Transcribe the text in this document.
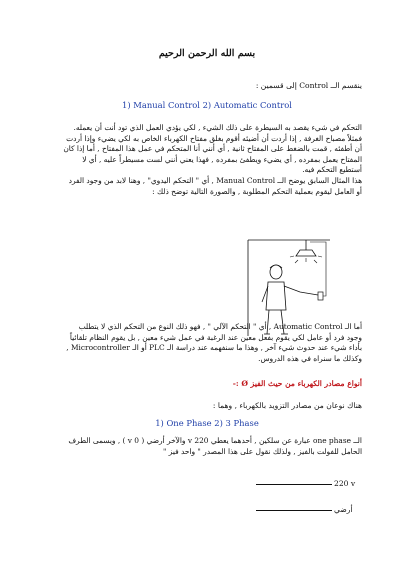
بسم الله الرحمن الرحيم
ينقسم الــ Control إلى قسمين :
1) Manual Control 2) Automatic Control
التحكم في شيء يقصد به السيطرة على ذلك الشيء , لكي يؤدي العمل الذي تود أنت أن يعمله. فمثلاً مصباح الغرفة , إذا أردت أن أضيئه أقوم بغلق مفتاح الكهرباء الخاص به لكي يضيء وإذا أردت أن أطفئه , قمت بالضغط على المفتاح ثانية , أي أنني أنا المتحكم في عمل هذا المفتاح , أما إذا كان المفتاح يعمل بمفرده , أي يضيء ويطفئ بمفرده , فهذا يعني أنني لست مسيطراً عليه , أي لا أستطيع التحكم فيه.
هذا المثال السابق يوضح الــ Manual Control , أي " التحكم اليدوي" , وهنا لابد من وجود الفرد أو العامل ليقوم بعملية التحكم المطلوبة , والصورة التالية توضح ذلك :
أما الـ Automatic Control , أي " التحكم الآلي " , فهو ذلك النوع من التحكم الذي لا يتطلب وجود فرد أو عامل لكي يقوم بفعل معين عند الرغبة في عمل شيء معين , بل يقوم النظام تلقائياً بأداء شيء عند حدوث شيء آخر , وهذا ما سنفهمه عند دراسة الـ PLC أو الـ Microcontroller , وكذلك ما سنراه في هذه الدروس.
أنواع مصادر الكهرباء من حيث الفيز Ø :-
هناك نوعان من مصادر التزويد بالكهرباء , وهما :
1) One Phase 2) 3 Phase
الــ one phase عبارة عن سلكين , أحدهما يعطي v 220 والآخر أرضي ( v 0 ) , ويسمى الطرف الحامل للفولت بالفيز , ولذلك نقول على هذا المصدر " واحد فيز "
220 v
أرضي
